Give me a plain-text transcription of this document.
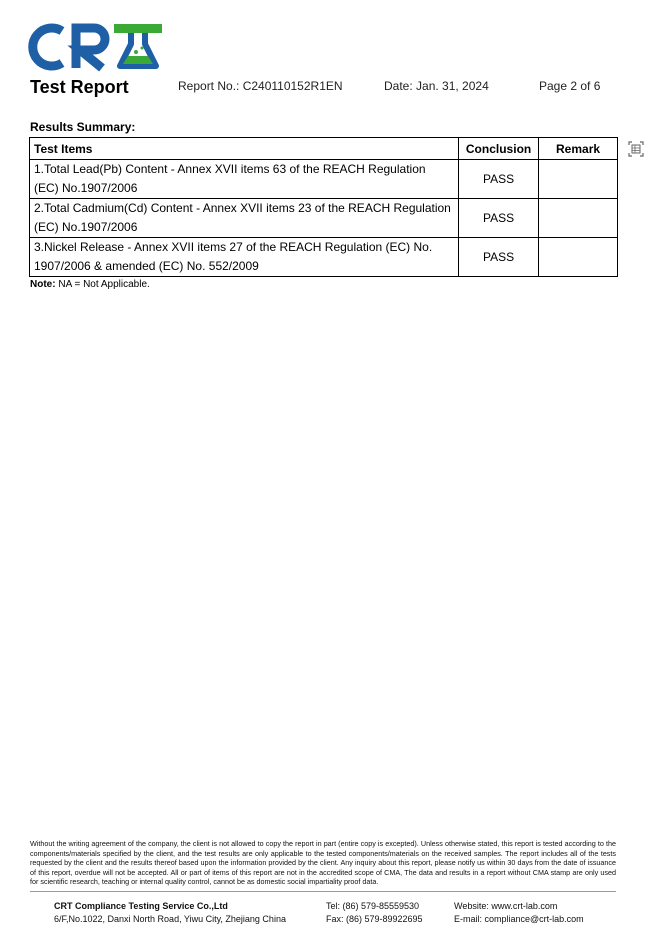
Test Report	Report No.: C240110152R1EN	Date: Jan. 31, 2024	Page 2 of 6
Results Summary:
Test Items	Conclusion	Remark
1.Total Lead(Pb) Content - Annex XVII items 63 of the REACH Regulation
(EC) No.1907/2006	PASS	
2.Total Cadmium(Cd) Content - Annex XVII items 23 of the REACH Regulation
(EC) No.1907/2006	PASS	
3.Nickel Release - Annex XVII items 27 of the REACH Regulation (EC) No.
1907/2006 & amended (EC) No. 552/2009	PASS	
Note: NA = Not Applicable.
Without the writing agreement of the company, the client is not allowed to copy the report in part (entire copy is excepted). Unless otherwise stated, this report is tested according to the components/materials specified by the client, and the test results are only applicable to the tested components/materials on the received samples. The report includes all of the tests requested by the client and the results thereof based upon the information provided by the client. Any inquiry about this report, please notify us within 30 days from the date of issuance of this report, overdue will not be accepted. All or part of items of this report are not in the accredited scope of CMA, The data and results in a report without CMA stamp are only used for scientific research, teaching or internal quality control, cannot be as domestic social impartiality proof data.
CRT Compliance Testing Service Co.,Ltd
6/F,No.1022, Danxi North Road, Yiwu City, Zhejiang China
Tel: (86) 579-85559530
Fax: (86) 579-89922695
Website: www.crt-lab.com
E-mail: compliance@crt-lab.com
